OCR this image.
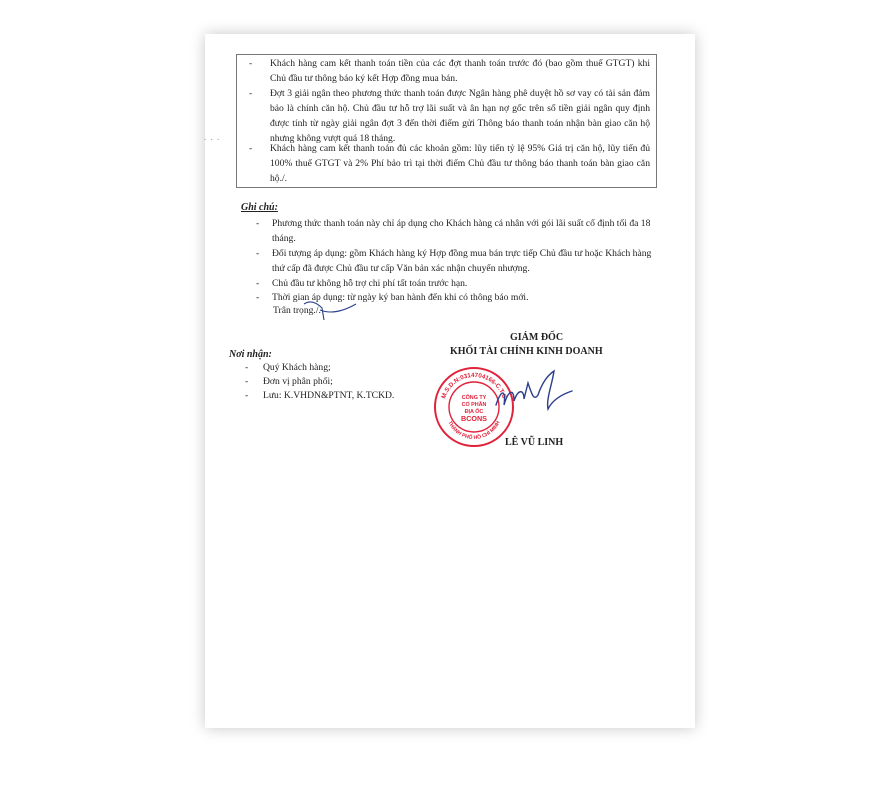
. . .
- Khách hàng cam kết thanh toán tiền của các đợt thanh toán trước đó (bao gồm thuế GTGT) khi Chủ đầu tư thông báo ký kết Hợp đồng mua bán.
- Đợt 3 giải ngân theo phương thức thanh toán được Ngân hàng phê duyệt hồ sơ vay có tài sản đảm bảo là chính căn hộ. Chủ đầu tư hỗ trợ lãi suất và ân hạn nợ gốc trên số tiền giải ngân quy định được tính từ ngày giải ngân đợt 3 đến thời điểm gửi Thông báo thanh toán nhận bàn giao căn hộ nhưng không vượt quá 18 tháng.
- Khách hàng cam kết thanh toán đủ các khoản gồm: lũy tiến tỷ lệ 95% Giá trị căn hộ, lũy tiến đủ 100% thuế GTGT và 2% Phí bảo trì tại thời điểm Chủ đầu tư thông báo thanh toán bàn giao căn hộ./.
Ghi chú:
- Phương thức thanh toán này chỉ áp dụng cho Khách hàng cá nhân với gói lãi suất cố định tối đa 18 tháng.
- Đối tượng áp dụng: gồm Khách hàng ký Hợp đồng mua bán trực tiếp Chủ đầu tư hoặc Khách hàng thứ cấp đã được Chủ đầu tư cấp Văn bản xác nhận chuyển nhượng.
- Chủ đầu tư không hỗ trợ chi phí tất toán trước hạn.
- Thời gian áp dụng: từ ngày ký ban hành đến khi có thông báo mới.
Trân trọng./.
Nơi nhận:
- Quý Khách hàng;
- Đơn vị phân phối;
- Lưu: K.VHDN&PTNT, K.TCKD.
GIÁM ĐỐC
KHỐI TÀI CHÍNH KINH DOANH
M.S.D.N:0314704166-C.T.C
THÀNH PHỐ HỒ CHÍ MINH
CÔNG TY
CỔ PHẦN
ĐỊA ỐC
BCONS
LÊ VŨ LINH
